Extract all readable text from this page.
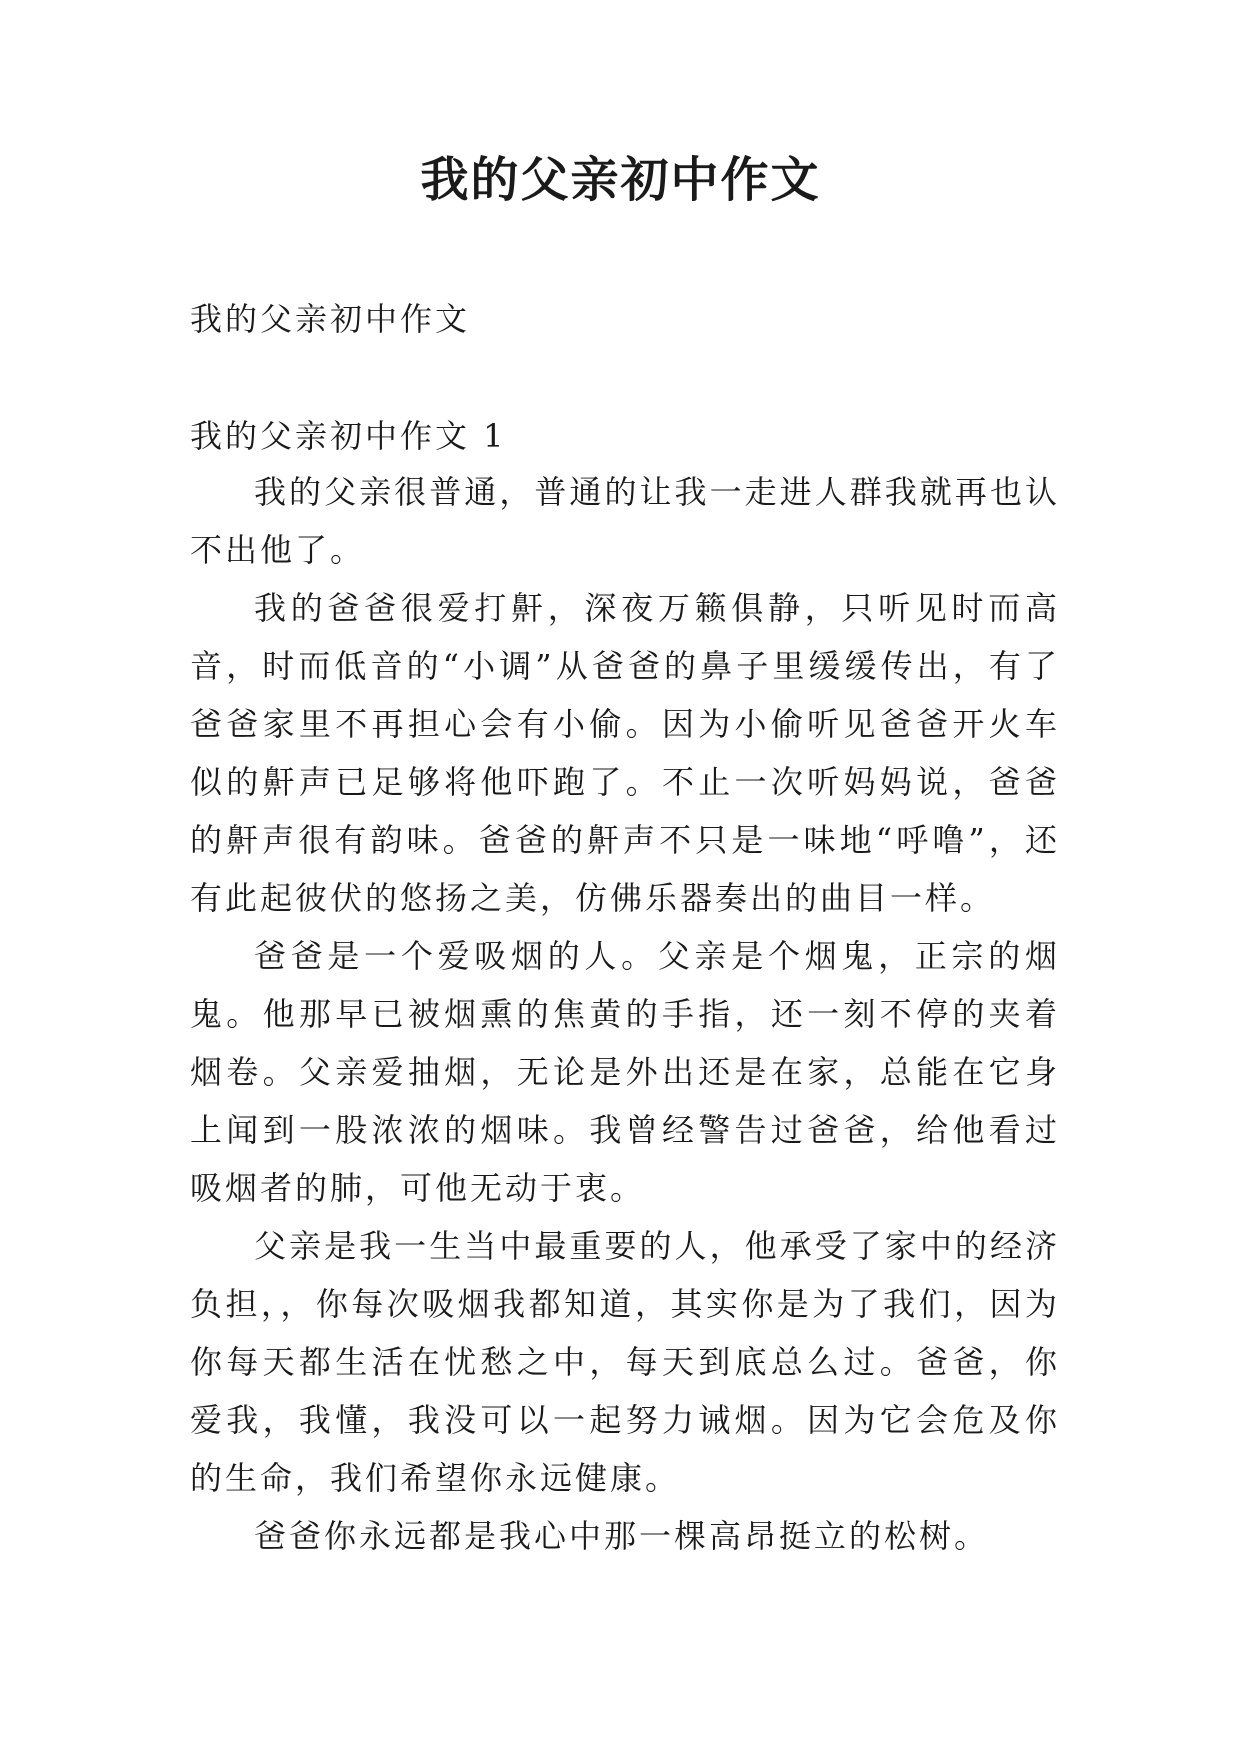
我的父亲初中作文

我的父亲初中作文

我的父亲初中作文 1

我的父亲很普通，普通的让我一走进人群我就再也认不出他了。

我的爸爸很爱打鼾，深夜万籁俱静，只听见时而高音，时而低音的“小调”从爸爸的鼻子里缓缓传出，有了爸爸家里不再担心会有小偷。因为小偷听见爸爸开火车似的鼾声已足够将他吓跑了。不止一次听妈妈说，爸爸的鼾声很有韵味。爸爸的鼾声不只是一味地“呼噜”，还有此起彼伏的悠扬之美，仿佛乐器奏出的曲目一样。

爸爸是一个爱吸烟的人。父亲是个烟鬼，正宗的烟鬼。他那早已被烟熏的焦黄的手指，还一刻不停的夹着烟卷。父亲爱抽烟，无论是外出还是在家，总能在它身上闻到一股浓浓的烟味。我曾经警告过爸爸，给他看过吸烟者的肺，可他无动于衷。

父亲是我一生当中最重要的人，他承受了家中的经济负担，，你每次吸烟我都知道，其实你是为了我们，因为你每天都生活在忧愁之中，每天到底总么过。爸爸，你爱我，我懂，我没可以一起努力诫烟。因为它会危及你的生命，我们希望你永远健康。

爸爸你永远都是我心中那一棵高昂挺立的松树。
